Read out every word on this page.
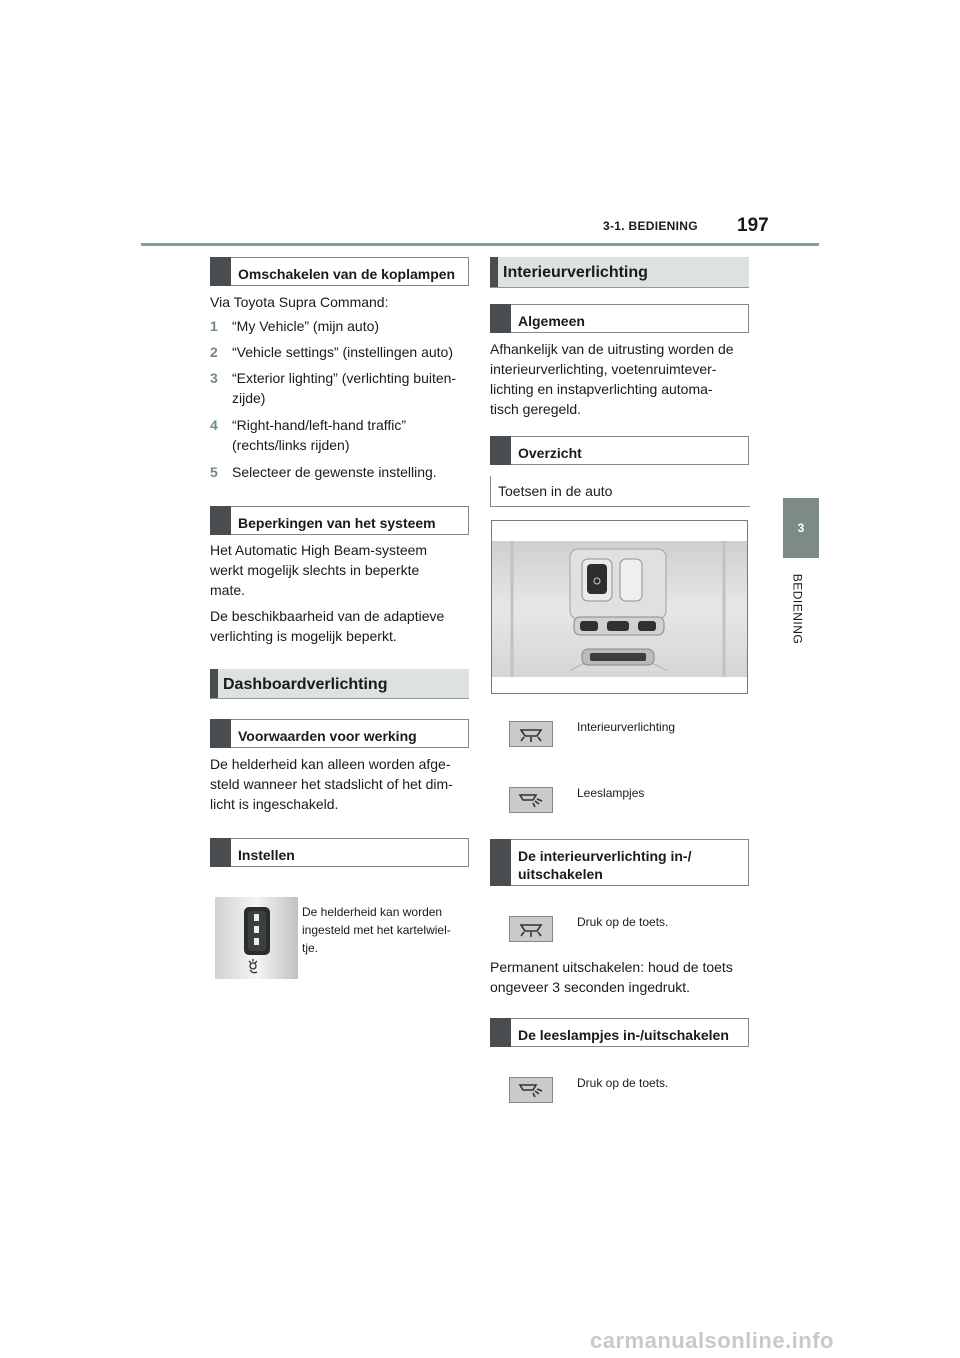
3-1. BEDIENING 197
3
BEDIENING
Omschakelen van de koplampen
Via Toyota Supra Command:
1 “My Vehicle” (mijn auto)
2 “Vehicle settings” (instellingen auto)
3 “Exterior lighting” (verlichting buiten-
zijde)
4 “Right-hand/left-hand traffic”
(rechts/links rijden)
5 Selecteer de gewenste instelling.
Beperkingen van het systeem
Het Automatic High Beam-systeem
werkt mogelijk slechts in beperkte
mate.
De beschikbaarheid van de adaptieve
verlichting is mogelijk beperkt.
Dashboardverlichting
Voorwaarden voor werking
De helderheid kan alleen worden afge-
steld wanneer het stadslicht of het dim-
licht is ingeschakeld.
Instellen
De helderheid kan worden
ingesteld met het kartelwiel-
tje.
Interieurverlichting
Algemeen
Afhankelijk van de uitrusting worden de
interieurverlichting, voetenruimtever-
lichting en instapverlichting automa-
tisch geregeld.
Overzicht
Toetsen in de auto
Interieurverlichting
Leeslampjes
De interieurverlichting in-/
uitschakelen
Druk op de toets.
Permanent uitschakelen: houd de toets
ongeveer 3 seconden ingedrukt.
De leeslampjes in-/uitschakelen
Druk op de toets.
carmanualsonline.info
